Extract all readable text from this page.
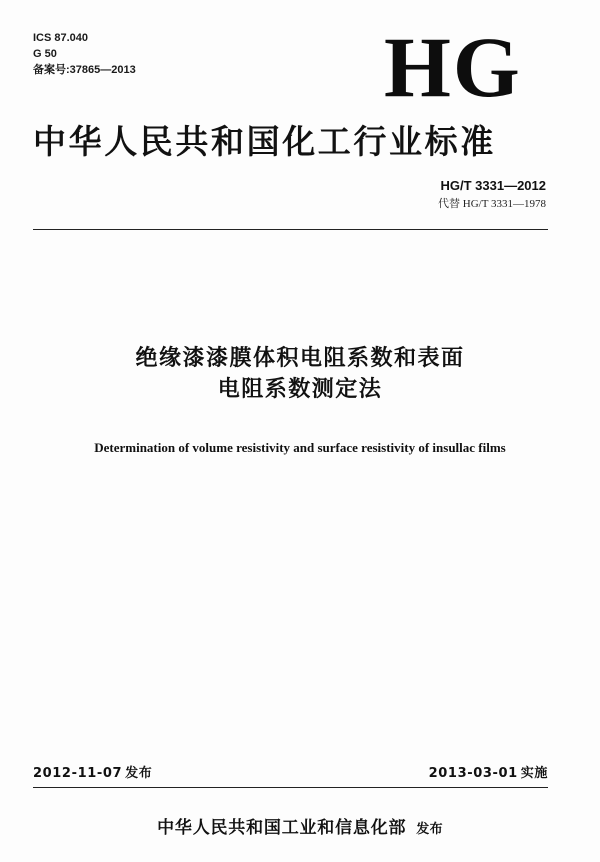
ICS 87.040
G 50
备案号:37865—2013	HG
中华人民共和国化工行业标准
HG/T 3331—2012
代替 HG/T 3331—1978
绝缘漆漆膜体积电阻系数和表面
电阻系数测定法
Determination of volume resistivity and surface resistivity of insullac films
2012-11-07 发布	2013-03-01 实施
中华人民共和国工业和信息化部 发布
